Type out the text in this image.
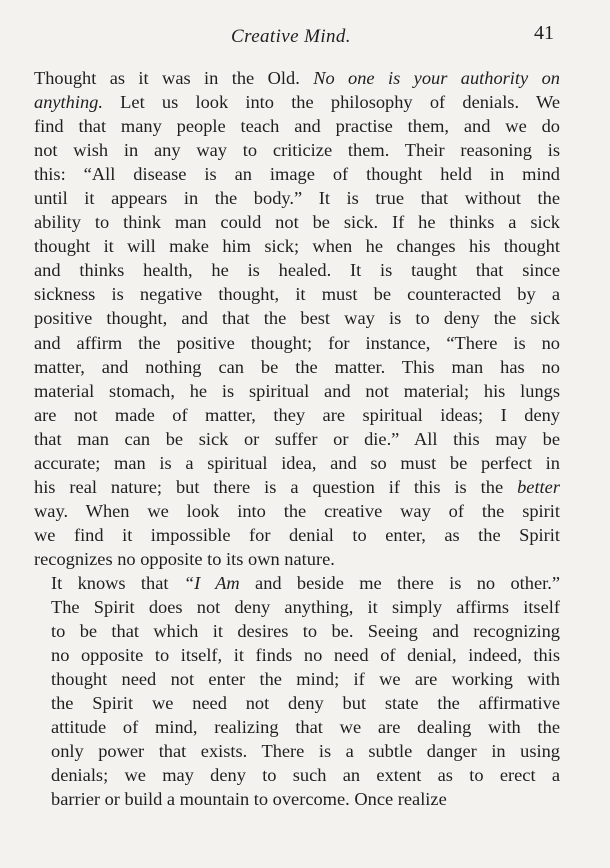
Creative Mind.	41

Thought as it was in the Old. No one is your authority on
anything. Let us look into the philosophy of denials. We
find that many people teach and practise them, and we do
not wish in any way to criticize them. Their reasoning is
this: “All disease is an image of thought held in mind
until it appears in the body.” It is true that without the
ability to think man could not be sick. If he thinks a sick
thought it will make him sick; when he changes his thought
and thinks health, he is healed. It is taught that since
sickness is negative thought, it must be counteracted by a
positive thought, and that the best way is to deny the sick
and affirm the positive thought; for instance, “There is no
matter, and nothing can be the matter. This man has no
material stomach, he is spiritual and not material; his lungs
are not made of matter, they are spiritual ideas; I deny
that man can be sick or suffer or die.” All this may be
accurate; man is a spiritual idea, and so must be perfect in
his real nature; but there is a question if this is the better
way. When we look into the creative way of the spirit
we find it impossible for denial to enter, as the Spirit
recognizes no opposite to its own nature.

It knows that “I Am and beside me there is no other.”
The Spirit does not deny anything, it simply affirms itself
to be that which it desires to be. Seeing and recognizing
no opposite to itself, it finds no need of denial, indeed, this
thought need not enter the mind; if we are working with
the Spirit we need not deny but state the affirmative
attitude of mind, realizing that we are dealing with the
only power that exists. There is a subtle danger in using
denials; we may deny to such an extent as to erect a
barrier or build a mountain to overcome. Once realize
